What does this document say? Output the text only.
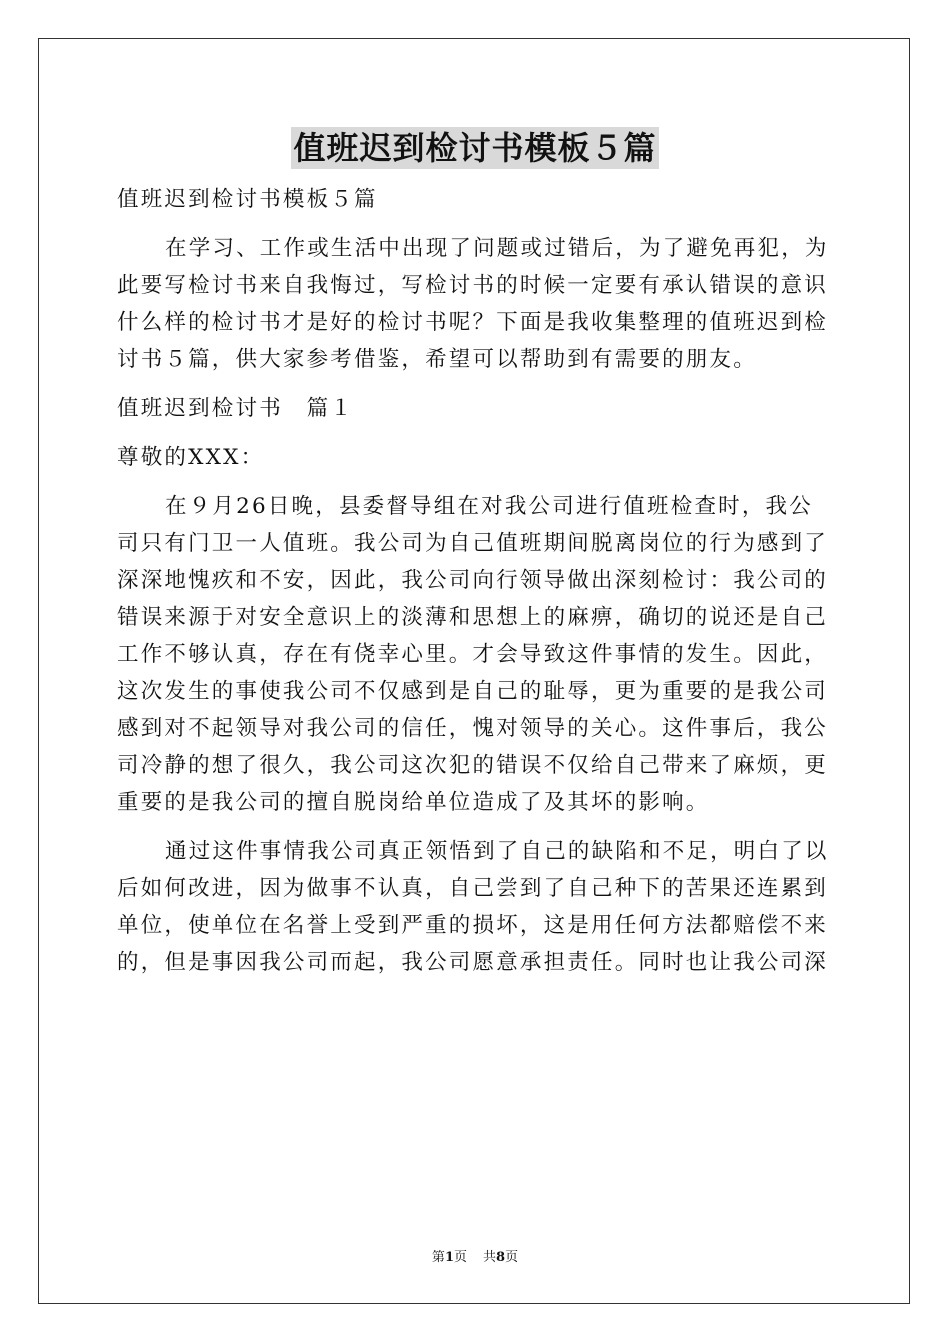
值班迟到检讨书模板５篇
值班迟到检讨书模板５篇
在学习、工作或生活中出现了问题或过错后，为了避免再犯，为
此要写检讨书来自我悔过，写检讨书的时候一定要有承认错误的意识
什么样的检讨书才是好的检讨书呢？下面是我收集整理的值班迟到检
讨书５篇，供大家参考借鉴，希望可以帮助到有需要的朋友。
值班迟到检讨书　篇１
尊敬的XXX：
在９月26日晚，县委督导组在对我公司进行值班检查时，我公
司只有门卫一人值班。我公司为自己值班期间脱离岗位的行为感到了
深深地愧疚和不安，因此，我公司向行领导做出深刻检讨：我公司的
错误来源于对安全意识上的淡薄和思想上的麻痹，确切的说还是自己
工作不够认真，存在有侥幸心里。才会导致这件事情的发生。因此，
这次发生的事使我公司不仅感到是自己的耻辱，更为重要的是我公司
感到对不起领导对我公司的信任，愧对领导的关心。这件事后，我公
司冷静的想了很久，我公司这次犯的错误不仅给自己带来了麻烦，更
重要的是我公司的擅自脱岗给单位造成了及其坏的影响。
通过这件事情我公司真正领悟到了自己的缺陷和不足，明白了以
后如何改进，因为做事不认真，自己尝到了自己种下的苦果还连累到
单位，使单位在名誉上受到严重的损坏，这是用任何方法都赔偿不来
的，但是事因我公司而起，我公司愿意承担责任。同时也让我公司深
第1页 共8页
